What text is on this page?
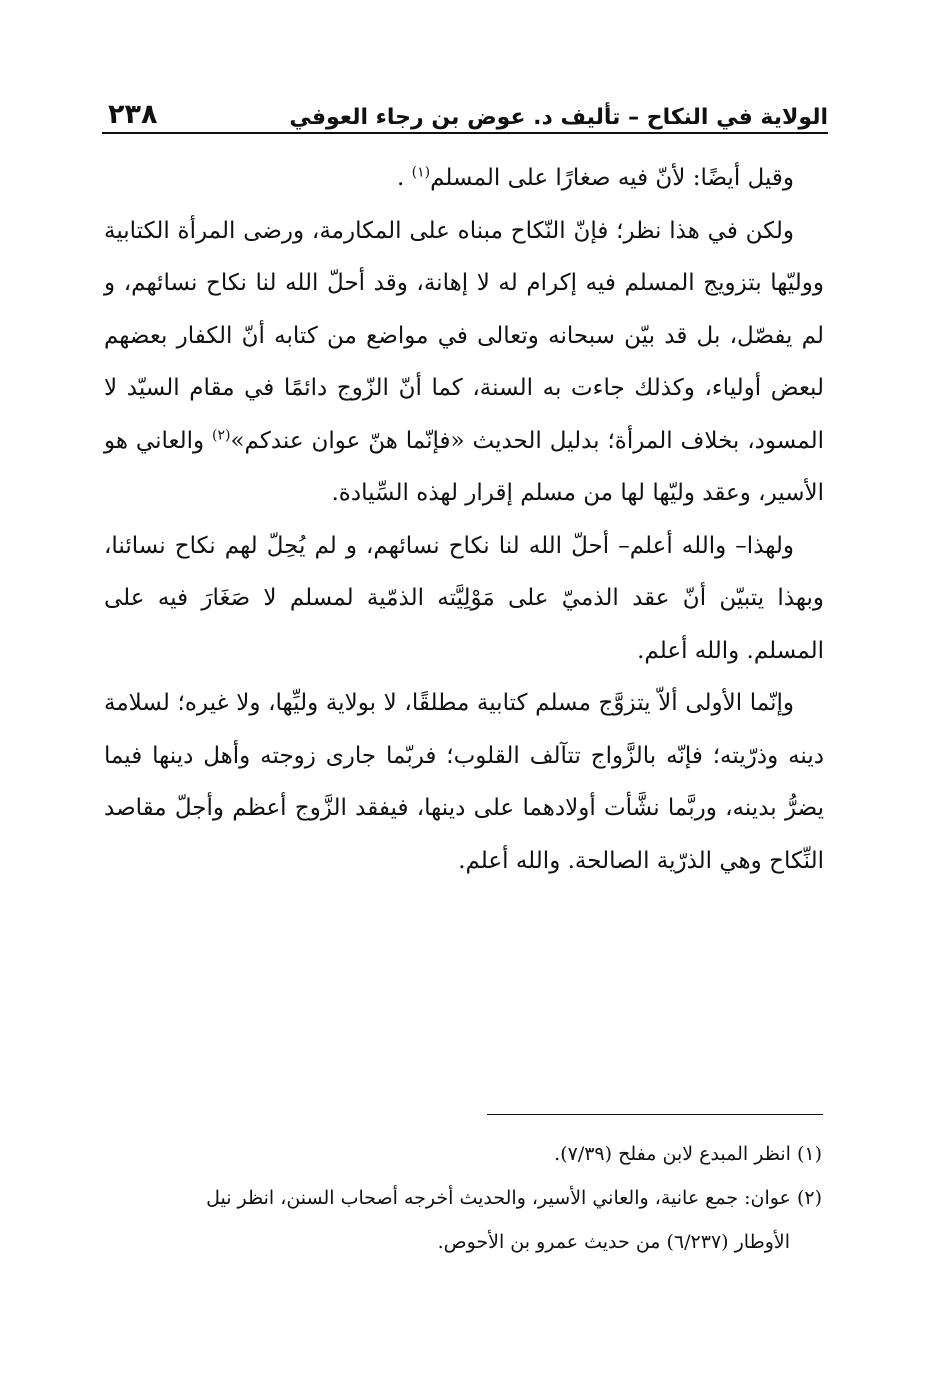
الولاية في النكاح – تأليف د. عوض بن رجاء العوفي
٢٣٨

وقيل أيضًا: لأنّ فيه صغارًا على المسلم$^{(١)}$ .

ولكن في هذا نظر؛ فإنّ النّكاح مبناه على المكارمة، ورضى المرأة الكتابية ووليّها بتزويج المسلم فيه إكرام له لا إهانة، وقد أحلّ الله لنا نكاح نسائهم، و لم يفصّل، بل قد بيّن سبحانه وتعالى في مواضع من كتابه أنّ الكفار بعضهم لبعض أولياء، وكذلك جاءت به السنة، كما أنّ الزّوج دائمًا في مقام السيّد لا المسود، بخلاف المرأة؛ بدليل الحديث «فإنّما هنّ عوان عندكم»$^{(٢)}$ والعاني هو الأسير، وعقد وليّها لها من مسلم إقرار لهذه السِّيادة.

ولهذا– والله أعلم– أحلّ الله لنا نكاح نسائهم، و لم يُحِلّ لهم نكاح نسائنا، وبهذا يتبيّن أنّ عقد الذميّ على مَوْلِيَّته الذمّية لمسلم لا صَغَارَ فيه على المسلم. والله أعلم.

وإنّما الأولى ألاّ يتزوَّج مسلم كتابية مطلقًا، لا بولاية وليِّها، ولا غيره؛ لسلامة دينه وذرّيته؛ فإنّه بالزَّواج تتآلف القلوب؛ فربّما جارى زوجته وأهل دينها فيما يضرُّ بدينه، وربَّما نشَّأت أولادهما على دينها، فيفقد الزَّوج أعظم وأجلّ مقاصد النِّكاح وهي الذرّية الصالحة. والله أعلم.

(١) انظر المبدع لابن مفلح (٧/٣٩).

(٢) عوان: جمع عانية، والعاني الأسير، والحديث أخرجه أصحاب السنن، انظر نيل

الأوطار (٦/٢٣٧) من حديث عمرو بن الأحوص.
